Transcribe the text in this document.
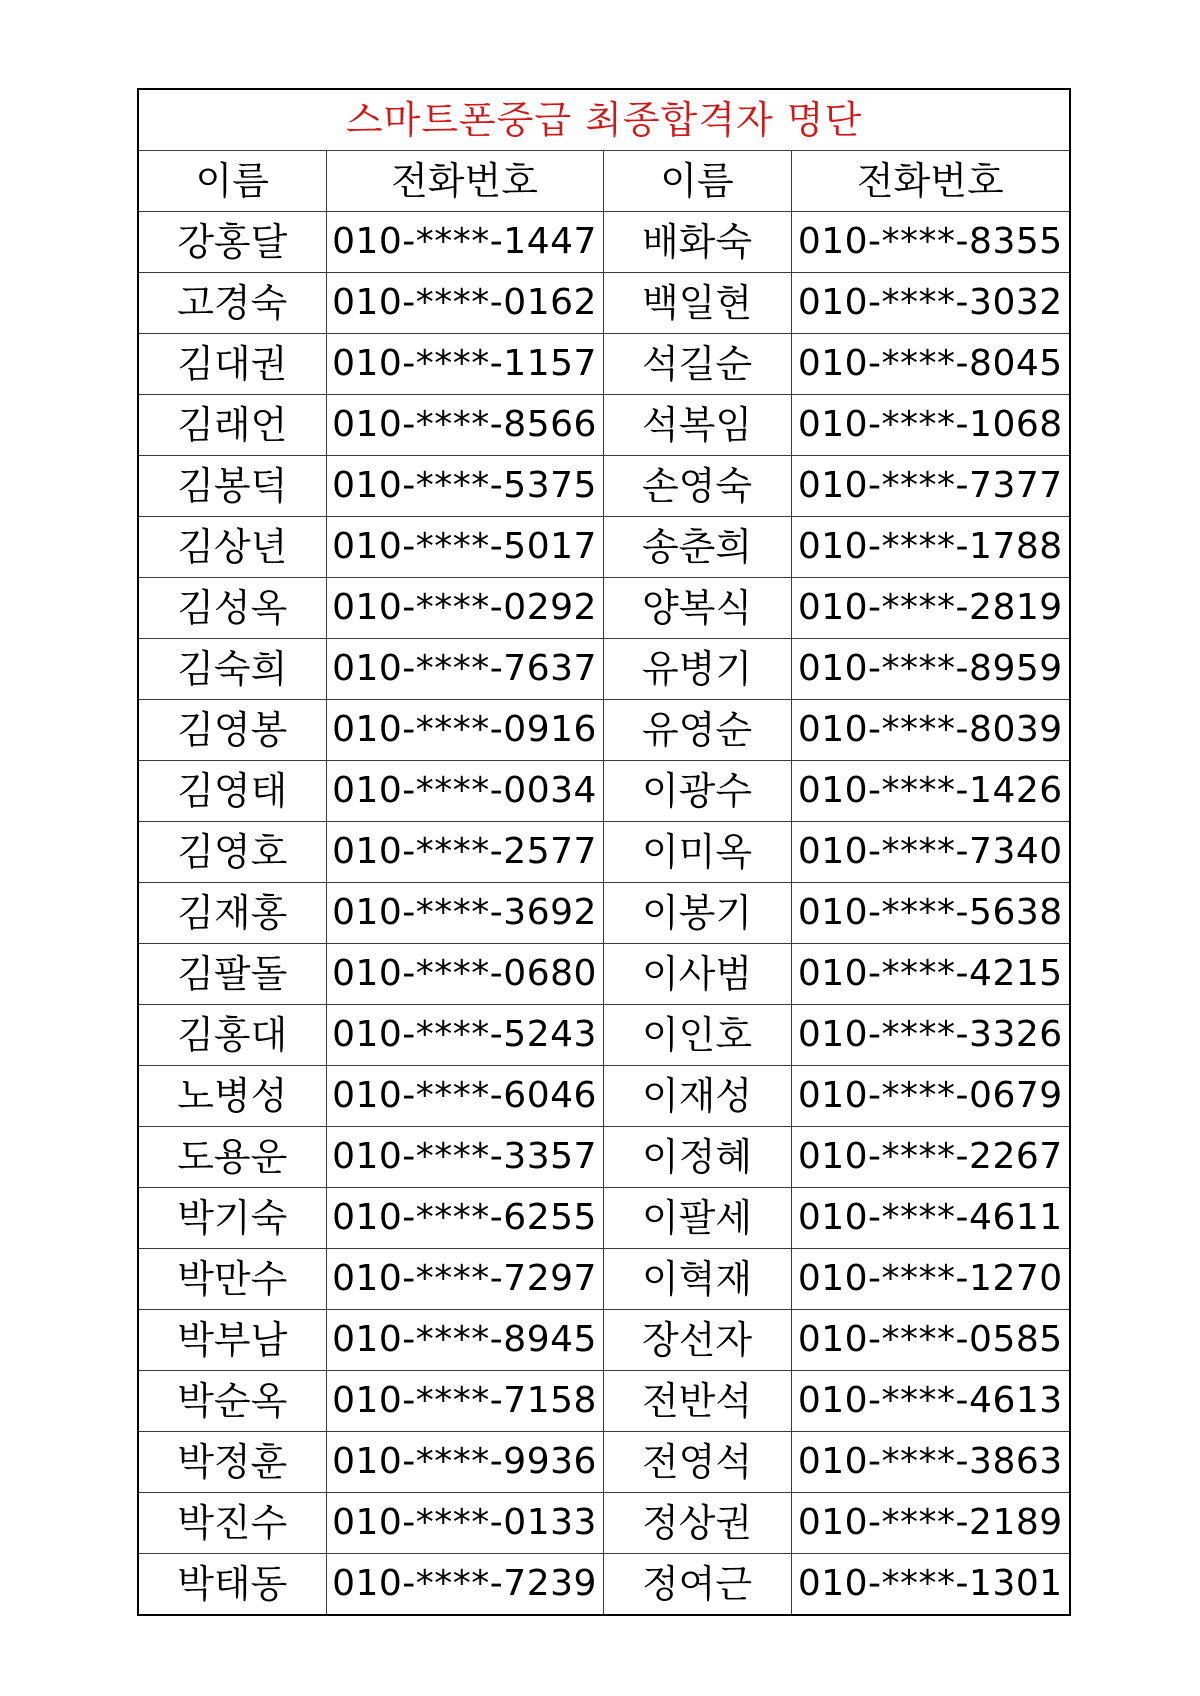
스마트폰중급 최종합격자 명단			
이름	전화번호	이름	전화번호
강홍달	010-****-1447	배화숙	010-****-8355
고경숙	010-****-0162	백일현	010-****-3032
김대권	010-****-1157	석길순	010-****-8045
김래언	010-****-8566	석복임	010-****-1068
김봉덕	010-****-5375	손영숙	010-****-7377
김상년	010-****-5017	송춘희	010-****-1788
김성옥	010-****-0292	양복식	010-****-2819
김숙희	010-****-7637	유병기	010-****-8959
김영봉	010-****-0916	유영순	010-****-8039
김영태	010-****-0034	이광수	010-****-1426
김영호	010-****-2577	이미옥	010-****-7340
김재홍	010-****-3692	이봉기	010-****-5638
김팔돌	010-****-0680	이사범	010-****-4215
김홍대	010-****-5243	이인호	010-****-3326
노병성	010-****-6046	이재성	010-****-0679
도용운	010-****-3357	이정혜	010-****-2267
박기숙	010-****-6255	이팔세	010-****-4611
박만수	010-****-7297	이혁재	010-****-1270
박부남	010-****-8945	장선자	010-****-0585
박순옥	010-****-7158	전반석	010-****-4613
박정훈	010-****-9936	전영석	010-****-3863
박진수	010-****-0133	정상권	010-****-2189
박태동	010-****-7239	정여근	010-****-1301
